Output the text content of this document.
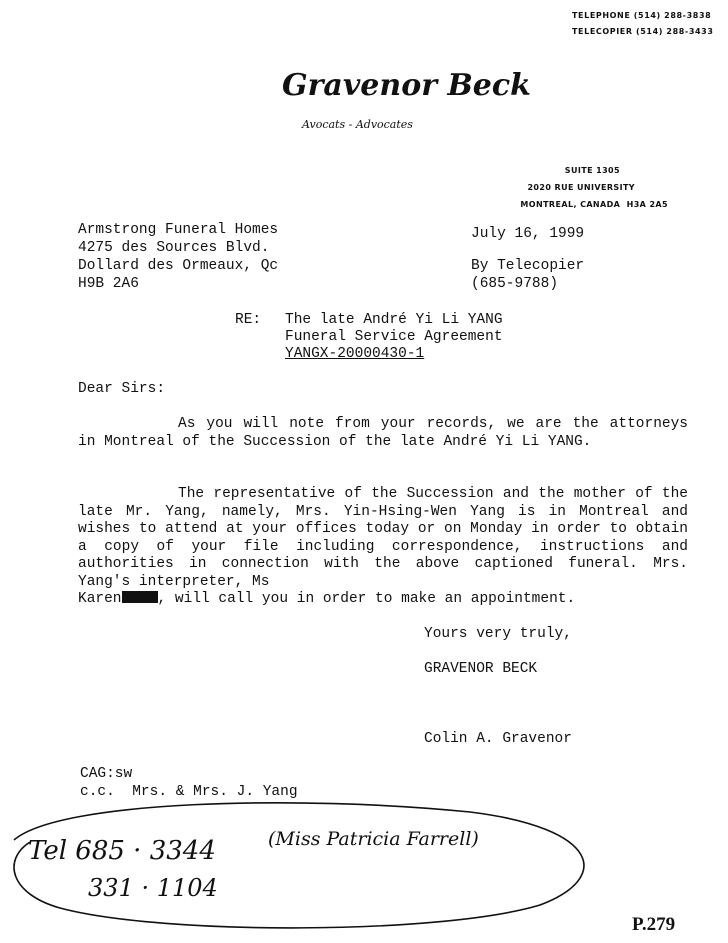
TELEPHONE (514) 288-3838
TELECOPIER (514) 288-3433
Gravenor Beck
Avocats - Advocates
SUITE 1305
2020 RUE UNIVERSITY
MONTREAL, CANADA  H3A 2A5
Armstrong Funeral Homes
4275 des Sources Blvd.
Dollard des Ormeaux, Qc
H9B 2A6
July 16, 1999
By Telecopier
(685-9788)
RE: The late André Yi Li YANG
Funeral Service Agreement
YANGX-20000430-1
Dear Sirs:
As you will note from your records, we are the attorneys in Montreal of the Succession of the late André Yi Li YANG.
The representative of the Succession and the mother of the late Mr. Yang, namely, Mrs. Yin-Hsing-Wen Yang is in Montreal and wishes to attend at your offices today or on Monday in order to obtain a copy of your file including correspondence, instructions and authorities in connection with the above captioned funeral. Mrs. Yang's interpreter, Ms
Karen , will call you in order to make an appointment.
Yours very truly,
GRAVENOR BECK
Colin A. Gravenor
CAG:sw
c.c.  Mrs. & Mrs. J. Yang
Tel 685 · 3344	(Miss Patricia Farrell)
331 · 1104
P.279
